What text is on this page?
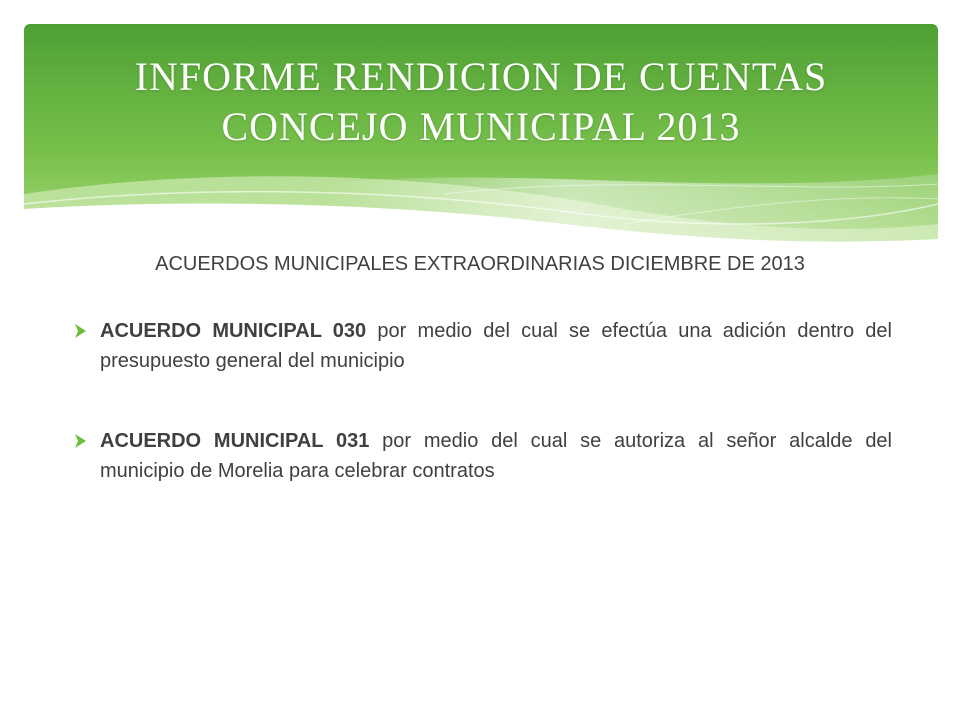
INFORME RENDICION DE CUENTAS
CONCEJO MUNICIPAL 2013

ACUERDOS MUNICIPALES EXTRAORDINARIAS DICIEMBRE DE 2013

ACUERDO MUNICIPAL 030 por medio del cual se efectúa una adición dentro del presupuesto general del municipio
ACUERDO MUNICIPAL 031 por medio del cual se autoriza al señor alcalde del municipio de Morelia para celebrar contratos
